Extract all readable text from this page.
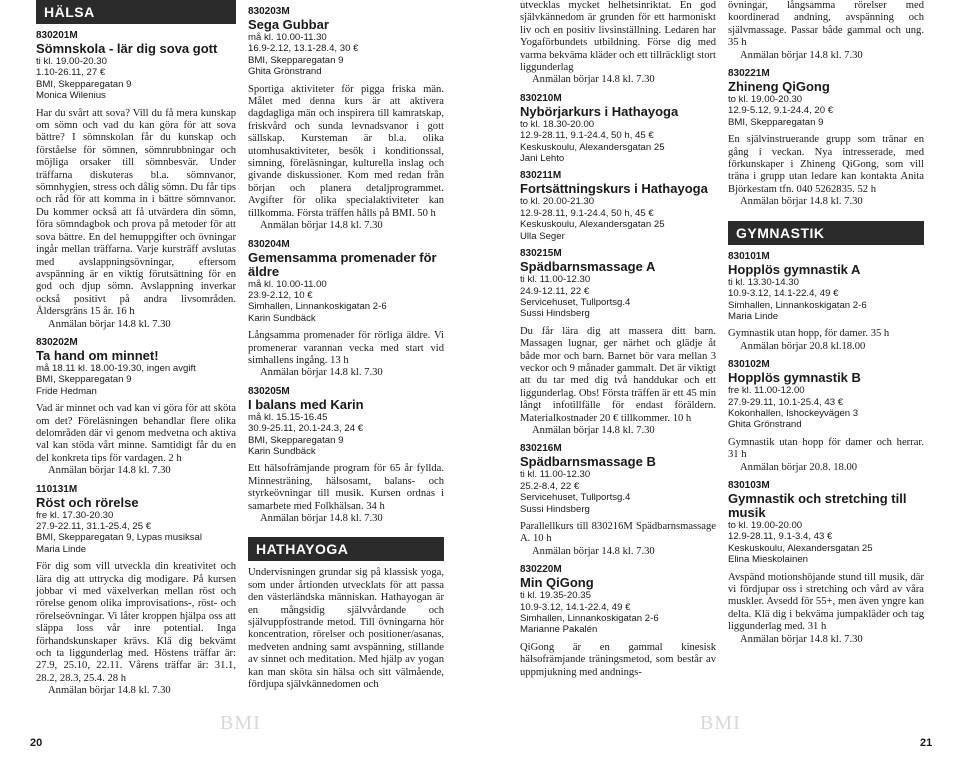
HÄLSA
830201M
Sömnskola - lär dig sova gott
ti kl. 19.00-20.30
1.10-26.11, 27 €
BMI, Skepparegatan 9
Monica Wilenius
Har du svårt att sova? Vill du få mera kunskap om sömn och vad du kan göra för att sova bättre? I sömnskolan får du kunskap och förståelse för sömnen, sömnrubbningar och möjliga orsaker till sömnbesvär. Under träffarna diskuteras bl.a. sömnvanor, sömnhygien, stress och dålig sömn. Du får tips och råd för att komma in i bättre sömnvanor. Du kommer också att få utvärdera din sömn, föra sömndagbok och prova på metoder för att sova bättre. En del hemuppgifter och övningar ingår mellan träffarna. Varje kursträff avslutas med avslappningsövningar, eftersom avspänning är en viktig förutsättning för en god och djup sömn. Avslappning inverkar också positivt på andra livsområden. Åldersgräns 15 år. 16 h
Anmälan börjar 14.8 kl. 7.30
830202M
Ta hand om minnet!
må 18.11 kl. 18.00-19.30, ingen avgift
BMI, Skepparegatan 9
Fride Hedman
Vad är minnet och vad kan vi göra för att sköta om det? Föreläsningen behandlar flere olika delområden där vi genom medvetna och aktiva val kan stöda vårt minne. Samtidigt får du en del konkreta tips för vardagen. 2 h
Anmälan börjar 14.8 kl. 7.30
110131M
Röst och rörelse
fre kl. 17.30-20.30
27.9-22.11, 31.1-25.4, 25 €
BMI, Skepparegatan 9, Lypas musiksal
Maria Linde
För dig som vill utveckla din kreativitet och lära dig att uttrycka dig modigare. På kursen jobbar vi med växelverkan mellan röst och rörelse genom olika improvisations-, röst- och rörelseövningar. Vi låter kroppen hjälpa oss att släppa loss vår inre potential. Inga förhandskunskaper krävs. Klä dig bekvämt och ta liggunderlag med. Höstens träffar är: 27.9, 25.10, 22.11. Vårens träffar är: 31.1, 28.2, 28.3, 25.4. 28 h
Anmälan börjar 14.8 kl. 7.30
830203M
Sega Gubbar
må kl. 10.00-11.30
16.9-2.12, 13.1-28.4, 30 €
BMI, Skepparegatan 9
Ghita Grönstrand
Sportiga aktiviteter för pigga friska män. Målet med denna kurs är att aktivera dagdagliga män och inspirera till kamratskap, friskvård och sunda levnadsvanor i gott sällskap. Kursteman är bl.a. olika utomhusaktiviteter, besök i konditionssal, simning, föreläsningar, kulturella inslag och givande diskussioner. Kom med redan från början och planera detaljprogrammet. Avgifter för olika specialaktiviteter kan tillkomma. Första träffen hålls på BMI. 50 h
Anmälan börjar 14.8 kl. 7.30
830204M
Gemensamma promenader för äldre
må kl. 10.00-11.00
23.9-2.12, 10 €
Simhallen, Linnankoskigatan 2-6
Karin Sundbäck
Långsamma promenader för rörliga äldre. Vi promenerar varannan vecka med start vid simhallens ingång. 13 h
Anmälan börjar 14.8 kl. 7.30
830205M
I balans med Karin
må kl. 15.15-16.45
30.9-25.11, 20.1-24.3, 24 €
BMI, Skepparegatan 9
Karin Sundbäck
Ett hälsofrämjande program för 65 år fyllda. Minnesträning, hälsosamt, balans- och styrkeövningar till musik. Kursen ordnas i samarbete med Folkhälsan. 34 h
Anmälan börjar 14.8 kl. 7.30
HATHAYOGA
Undervisningen grundar sig på klassisk yoga, som under årtionden utvecklats för att passa den västerländska människan. Hathayogan är en mångsidig självvårdande och självuppfostrande metod. Till övningarna hör koncentration, rörelser och positioner/asanas, medveten andning samt avspänning, stillande av sinnet och meditation. Med hjälp av yogan kan man sköta sin hälsa och sitt välmående, fördjupa självkännedomen och
utvecklas mycket helhetsinriktat. En god självkännedom är grunden för ett harmoniskt liv och en positiv livsinställning. Ledaren har Yogaförbundets utbildning. Förse dig med varma bekväma kläder och ett tillräckligt stort liggunderlag
Anmälan börjar 14.8 kl. 7.30
830210M
Nybörjarkurs i Hathayoga
to kl. 18.30-20.00
12.9-28.11, 9.1-24.4, 50 h, 45 €
Keskuskoulu, Alexandersgatan 25
Jani Lehto
830211M
Fortsättningskurs i Hathayoga
to kl. 20.00-21.30
12.9-28.11, 9.1-24.4, 50 h, 45 €
Keskuskoulu, Alexandersgatan 25
Ulla Seger
830215M
Spädbarnsmassage A
ti kl. 11.00-12.30
24.9-12.11, 22 €
Servicehuset, Tullportsg.4
Sussi Hindsberg
Du får lära dig att massera ditt barn. Massagen lugnar, ger närhet och glädje åt både mor och barn. Barnet bör vara mellan 3 veckor och 9 månader gammalt. Det är viktigt att du tar med dig två handdukar och ett liggunderlag. Obs! Första träffen är ett 45 min långt infotillfälle för endast föräldern. Materialkostnader 20 € tillkommer. 10 h
Anmälan börjar 14.8 kl. 7.30
830216M
Spädbarnsmassage B
ti kl. 11.00-12.30
25.2-8.4, 22 €
Servicehuset, Tullportsg.4
Sussi Hindsberg
Parallellkurs till 830216M Spädbarnsmassage A. 10 h
Anmälan börjar 14.8 kl. 7.30
830220M
Min QiGong
ti kl. 19.35-20.35
10.9-3.12, 14.1-22.4, 49 €
Simhallen, Linnankoskigatan 2-6
Marianne Pakalén
QiGong är en gammal kinesisk hälsofrämjande träningsmetod, som består av uppmjukning med andnings-
övningar, långsamma rörelser med koordinerad andning, avspänning och självmassage. Passar både gammal och ung. 35 h
Anmälan börjar 14.8 kl. 7.30
830221M
Zhineng QiGong
to kl. 19.00-20.30
12.9-5.12, 9.1-24.4, 20 €
BMI, Skepparegatan 9
En självinstruerande grupp som tränar en gång i veckan. Nya intresserade, med förkunskaper i Zhineng QiGong, som vill träna i grupp utan ledare kan kontakta Anita Björkestam tfn. 040 5262835. 52 h
Anmälan börjar 14.8 kl. 7.30
GYMNASTIK
830101M
Hopplös gymnastik A
ti kl. 13.30-14.30
10.9-3.12, 14.1-22.4, 49 €
Simhallen, Linnankoskigatan 2-6
Maria Linde
Gymnastik utan hopp, för damer. 35 h
Anmälan börjar 20.8 kl.18.00
830102M
Hopplös gymnastik B
fre kl. 11.00-12.00
27.9-29.11, 10.1-25.4, 43 €
Kokonhallen, Ishockeyvägen 3
Ghita Grönstrand
Gymnastik utan hopp för damer och herrar. 31 h
Anmälan börjar 20.8. 18.00
830103M
Gymnastik och stretching till musik
to kl. 19.00-20.00
12.9-28.11, 9.1-3.4, 43 €
Keskuskoulu, Alexandersgatan 25
Elina Mieskolainen
Avspänd motionshöjande stund till musik, där vi fördjupar oss i stretching och vård av våra muskler. Avsedd för 55+, men även yngre kan delta. Klä dig i bekväma jumpakläder och tag liggunderlag med. 31 h
Anmälan börjar 14.8 kl. 7.30
BMI	BMI
20	21
